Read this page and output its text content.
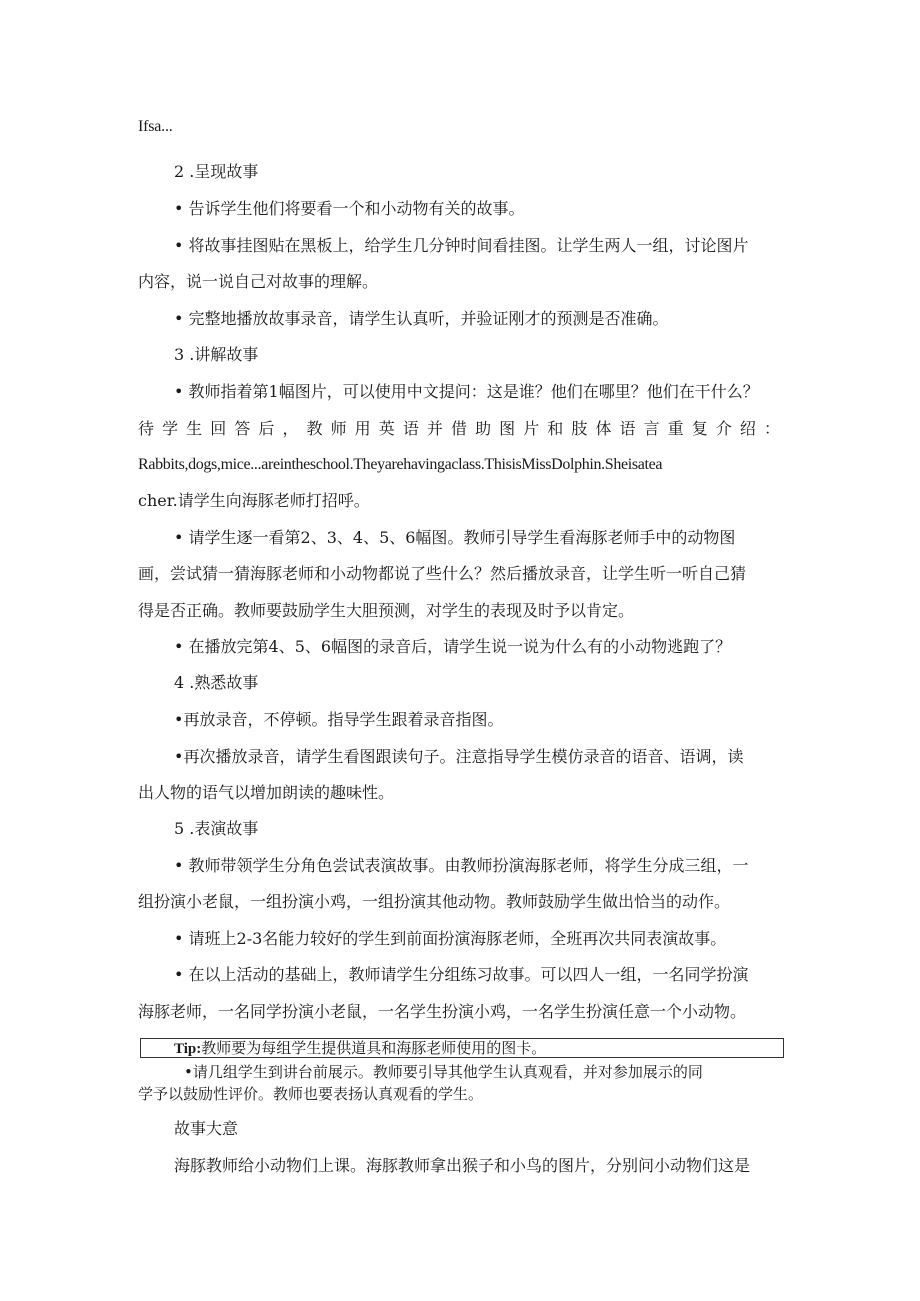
Ifsa...
2 .呈现故事
• 告诉学生他们将要看一个和小动物有关的故事。
• 将故事挂图贴在黑板上，给学生几分钟时间看挂图。让学生两人一组，讨论图片
内容，说一说自己对故事的理解。
• 完整地播放故事录音，请学生认真听，并验证刚才的预测是否准确。
3 .讲解故事
• 教师指着第1幅图片，可以使用中文提问：这是谁？他们在哪里？他们在干什么？
待学生回答后，教师用英语并借助图片和肢体语言重复介绍：
Rabbits,dogs,mice...areintheschool.Theyarehavingaclass.ThisisMissDolphin.Sheisatea
cher.请学生向海豚老师打招呼。
• 请学生逐一看第2、3、4、5、6幅图。教师引导学生看海豚老师手中的动物图
画，尝试猜一猜海豚老师和小动物都说了些什么？然后播放录音，让学生听一听自己猜
得是否正确。教师要鼓励学生大胆预测，对学生的表现及时予以肯定。
• 在播放完第4、5、6幅图的录音后，请学生说一说为什么有的小动物逃跑了？
4 .熟悉故事
•再放录音，不停顿。指导学生跟着录音指图。
•再次播放录音，请学生看图跟读句子。注意指导学生模仿录音的语音、语调，读
出人物的语气以增加朗读的趣味性。
5 .表演故事
• 教师带领学生分角色尝试表演故事。由教师扮演海豚老师，将学生分成三组，一
组扮演小老鼠，一组扮演小鸡，一组扮演其他动物。教师鼓励学生做出恰当的动作。
• 请班上2-3名能力较好的学生到前面扮演海豚老师，全班再次共同表演故事。
• 在以上活动的基础上，教师请学生分组练习故事。可以四人一组，一名同学扮演
海豚老师，一名同学扮演小老鼠，一名学生扮演小鸡，一名学生扮演任意一个小动物。
Tip:教师要为每组学生提供道具和海豚老师使用的图卡。
•请几组学生到讲台前展示。教师要引导其他学生认真观看，并对参加展示的同
学予以鼓励性评价。教师也要表扬认真观看的学生。
故事大意
海豚教师给小动物们上课。海豚教师拿出猴子和小鸟的图片，分别问小动物们这是
